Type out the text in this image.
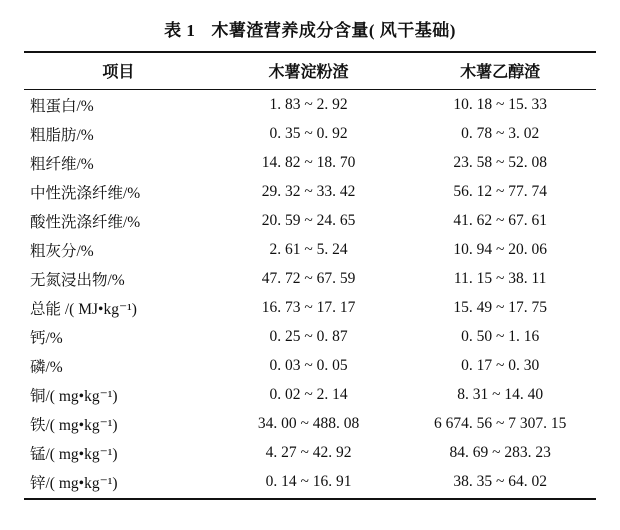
表 1 木薯渣营养成分含量( 风干基础)
项目	木薯淀粉渣	木薯乙醇渣
粗蛋白/%	1. 83 ~ 2. 92	10. 18 ~ 15. 33
粗脂肪/%	0. 35 ~ 0. 92	0. 78 ~ 3. 02
粗纤维/%	14. 82 ~ 18. 70	23. 58 ~ 52. 08
中性洗涤纤维/%	29. 32 ~ 33. 42	56. 12 ~ 77. 74
酸性洗涤纤维/%	20. 59 ~ 24. 65	41. 62 ~ 67. 61
粗灰分/%	2. 61 ~ 5. 24	10. 94 ~ 20. 06
无氮浸出物/%	47. 72 ~ 67. 59	11. 15 ~ 38. 11
总能 /( MJ•kg⁻¹)	16. 73 ~ 17. 17	15. 49 ~ 17. 75
钙/%	0. 25 ~ 0. 87	0. 50 ~ 1. 16
磷/%	0. 03 ~ 0. 05	0. 17 ~ 0. 30
铜/( mg•kg⁻¹)	0. 02 ~ 2. 14	8. 31 ~ 14. 40
铁/( mg•kg⁻¹)	34. 00 ~ 488. 08	6 674. 56 ~ 7 307. 15
锰/( mg•kg⁻¹)	4. 27 ~ 42. 92	84. 69 ~ 283. 23
锌/( mg•kg⁻¹)	0. 14 ~ 16. 91	38. 35 ~ 64. 02
